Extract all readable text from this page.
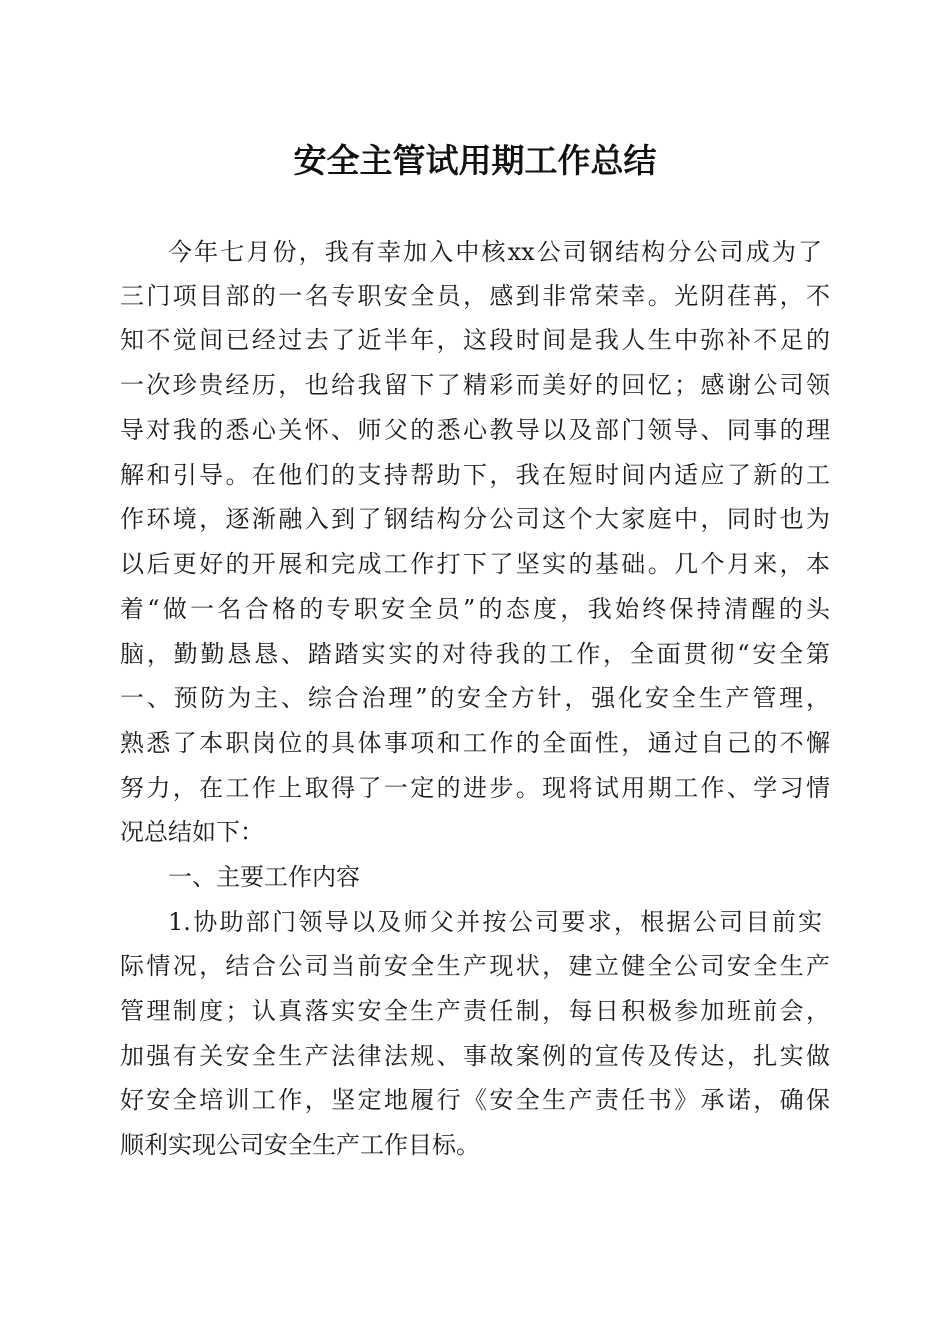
安全主管试用期工作总结

今年七月份，我有幸加入中核xx公司钢结构分公司成为了

三门项目部的一名专职安全员，感到非常荣幸。光阴荏苒，不

知不觉间已经过去了近半年，这段时间是我人生中弥补不足的

一次珍贵经历，也给我留下了精彩而美好的回忆；感谢公司领

导对我的悉心关怀、师父的悉心教导以及部门领导、同事的理

解和引导。在他们的支持帮助下，我在短时间内适应了新的工

作环境，逐渐融入到了钢结构分公司这个大家庭中，同时也为

以后更好的开展和完成工作打下了坚实的基础。几个月来，本

着“做一名合格的专职安全员”的态度，我始终保持清醒的头

脑，勤勤恳恳、踏踏实实的对待我的工作，全面贯彻“安全第

一、预防为主、综合治理”的安全方针，强化安全生产管理，

熟悉了本职岗位的具体事项和工作的全面性，通过自己的不懈

努力，在工作上取得了一定的进步。现将试用期工作、学习情

况总结如下：

一、主要工作内容

1.协助部门领导以及师父并按公司要求，根据公司目前实

际情况，结合公司当前安全生产现状，建立健全公司安全生产

管理制度；认真落实安全生产责任制，每日积极参加班前会，

加强有关安全生产法律法规、事故案例的宣传及传达，扎实做

好安全培训工作，坚定地履行《安全生产责任书》承诺，确保

顺利实现公司安全生产工作目标。
